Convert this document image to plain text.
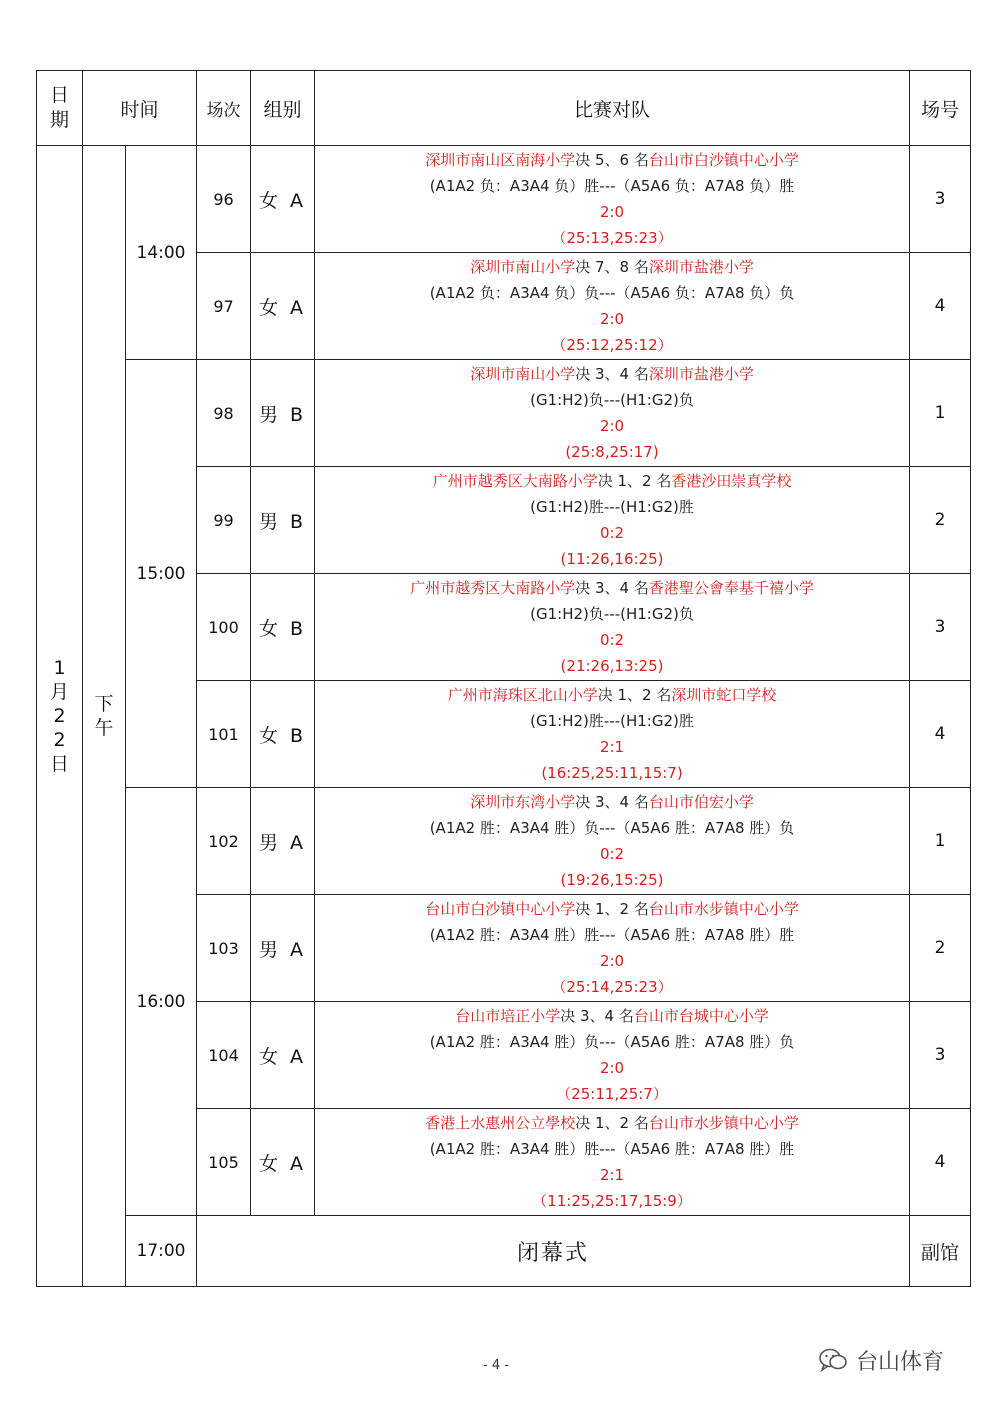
日期	时间		场次	组别	比赛对队	场号
1月22日	下午	14:00	96	女 A	深圳市南山区南海小学决 5、6 名台山市白沙镇中心小学
(A1A2 负：A3A4 负）胜---（A5A6 负：A7A8 负）胜
2:0
（25:13,25:23）	3
			97	女 A	深圳市南山小学决 7、8 名深圳市盐港小学
(A1A2 负：A3A4 负）负---（A5A6 负：A7A8 负）负
2:0
（25:12,25:12）	4
		15:00	98	男 B	深圳市南山小学决 3、4 名深圳市盐港小学
(G1:H2)负---(H1:G2)负
2:0
(25:8,25:17)	1
			99	男 B	广州市越秀区大南路小学决 1、2 名香港沙田崇真学校
(G1:H2)胜---(H1:G2)胜
0:2
(11:26,16:25)	2
			100	女 B	广州市越秀区大南路小学决 3、4 名香港聖公會奉基千禧小学
(G1:H2)负---(H1:G2)负
0:2
(21:26,13:25)	3
			101	女 B	广州市海珠区北山小学决 1、2 名深圳市蛇口学校
(G1:H2)胜---(H1:G2)胜
2:1
(16:25,25:11,15:7)	4
		16:00	102	男 A	深圳市东湾小学决 3、4 名台山市伯宏小学
(A1A2 胜：A3A4 胜）负---（A5A6 胜：A7A8 胜）负
0:2
(19:26,15:25)	1
			103	男 A	台山市白沙镇中心小学决 1、2 名台山市水步镇中心小学
(A1A2 胜：A3A4 胜）胜---（A5A6 胜：A7A8 胜）胜
2:0
（25:14,25:23）	2
			104	女 A	台山市培正小学决 3、4 名台山市台城中心小学
(A1A2 胜：A3A4 胜）负---（A5A6 胜：A7A8 胜）负
2:0
（25:11,25:7）	3
			105	女 A	香港上水惠州公立學校决 1、2 名台山市水步镇中心小学
(A1A2 胜：A3A4 胜）胜---（A5A6 胜：A7A8 胜）胜
2:1
（11:25,25:17,15:9）	4
		17:00	闭幕式			副馆
- 4 -	台山体育
